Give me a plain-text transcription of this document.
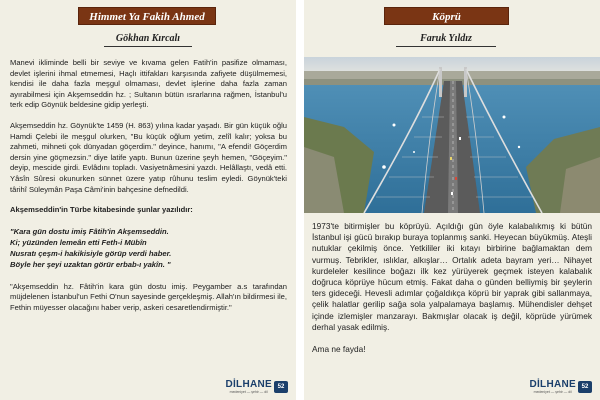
Himmet Ya Fakih Ahmed
Gökhan Kırcalı

Manevi ikliminde belli bir seviye ve kıvama gelen Fatih'in pasifize olmaması, devlet işlerini ihmal etmemesi, Haçlı ittifakları karşısında zafiyete düşülmemesi, kendisi ile daha fazla meşgul olmaması, devlet işlerine daha fazla zaman ayırabilmesi için Akşemseddin hz. ; Sultanın bütün ısrarlarına rağmen, İstanbul'u terk edip Göynük beldesine gidip yerleşti.

Akşemseddin hz. Göynük'te 1459 (H. 863) yılına kadar yaşadı. Bir gün küçük oğlu Hamdi Çelebi ile meşgul olurken, "Bu küçük oğlum yetim, zelîl kalır; yoksa bu zahmeti, mihneti çok dünyadan göçerdim." deyince, hanımı, "A efendi! Göçerdim dersin yine göçmezsin." diye latife yaptı. Bunun üzerine şeyh hemen, "Göçeyim." deyip, mescide girdi. Evlâdını topladı. Vasiyetnâmesini yazdı. Helâllaştı, vedâ etti. Yâsîn Sûresi okunurken sünnet üzere yatıp rûhunu teslim eyledi. Göynük'teki târihî Süleymân Paşa Câmi'inin bahçesine defnedildi.

Akşemseddin'in Türbe kitabesinde şunlar yazılıdır:
"Kara gün dostu imiş Fâtih'in Akşemseddin.
Ki; yüzünden lemeân etti Feth-i Mübîn
Nusratı çeşm-i hakikisiyle görüp verdi haber.
Böyle her şeyi uzaktan görür erbab-ı yakîn. "

"Akşemseddin hz. Fâtih'in kara gün dostu imiş. Peygamber a.s tarafından müjdelenen İstanbul'un Fethi O'nun sayesinde gerçekleşmiş. Allah'ın bildirmesi ile, Fethin müyesser olacağını haber verip, askeri cesaretlendirmiştir."

DİLHANE
medeniyet — şehir — dil
52
Köprü
Faruk Yıldız

1973'te bitirmişler bu köprüyü. Açıldığı gün öyle kalabalıkmış ki bütün İstanbul işi gücü bırakıp buraya toplanmış sanki. Heyecan büyükmüş. Ateşli nutuklar çekilmiş önce. Yetkililer iki kıtayı birbirine bağlamaktan dem vurmuş. Tebrikler, ıslıklar, alkışlar… Ortalık adeta bayram yeri… Nihayet kurdeleler kesilince boğazı ilk kez yürüyerek geçmek isteyen kalabalık doğruca köprüye hücum etmiş. Fakat daha o günden belliymiş bir şeylerin ters gideceği. Hevesli adımlar çoğaldıkça köprü bir yaprak gibi sallanmaya, çelik halatlar gerilip sağa sola yalpalamaya başlamış. Mühendisler dehşet içinde izlemişler manzarayı. Bakmışlar olacak iş değil, köprüde yürümek derhal yasak edilmiş.

Ama ne fayda!

DİLHANE
medeniyet — şehir — dil
52
